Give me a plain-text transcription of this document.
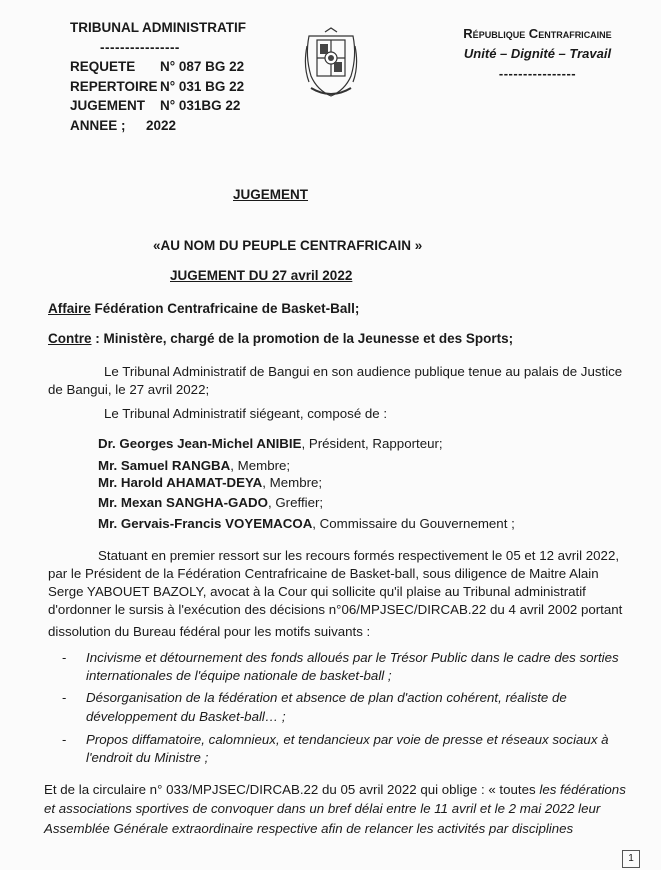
TRIBUNAL ADMINISTRATIF
----------------
REQUETE	N° 087 BG 22
REPERTOIRE N° 031 BG 22
JUGEMENT	N° 031BG 22
ANNEE ;	2022
République Centrafricaine
Unité – Dignité – Travail
----------------
JUGEMENT
«AU NOM DU PEUPLE CENTRAFRICAIN »
JUGEMENT DU 27 avril 2022
Affaire Fédération Centrafricaine de Basket-Ball;
Contre : Ministère, chargé de la promotion de la Jeunesse et des Sports;
Le Tribunal Administratif de Bangui en son audience publique tenue au palais de Justice
de Bangui, le 27 avril 2022;
Le Tribunal Administratif siégeant, composé de :
Dr. Georges Jean-Michel ANIBIE, Président, Rapporteur;
Mr. Samuel RANGBA, Membre;
Mr. Harold AHAMAT-DEYA, Membre;
Mr. Mexan SANGHA-GADO, Greffier;
Mr. Gervais-Francis VOYEMACOA, Commissaire du Gouvernement ;
Statuant en premier ressort sur les recours formés respectivement le 05 et 12 avril 2022,
par le Président de la Fédération Centrafricaine de Basket-ball, sous diligence de Maitre Alain
Serge YABOUET BAZOLY, avocat à la Cour qui sollicite qu'il plaise au Tribunal administratif
d'ordonner le sursis à l'exécution des décisions n°06/MPJSEC/DIRCAB.22 du 4 avril 2002 portant
dissolution du Bureau fédéral pour les motifs suivants :
- Incivisme et détournement des fonds alloués par le Trésor Public dans le cadre des sorties
internationales de l'équipe nationale de basket-ball ;
- Désorganisation de la fédération et absence de plan d'action cohérent, réaliste de
développement du Basket-ball… ;
- Propos diffamatoire, calomnieux, et tendancieux par voie de presse et réseaux sociaux à
l'endroit du Ministre ;
Et de la circulaire n° 033/MPJSEC/DIRCAB.22 du 05 avril 2022 qui oblige : « toutes les fédérations
et associations sportives de convoquer dans un bref délai entre le 11 avril et le 2 mai 2022 leur
Assemblée Générale extraordinaire respective afin de relancer les activités par disciplines
1
